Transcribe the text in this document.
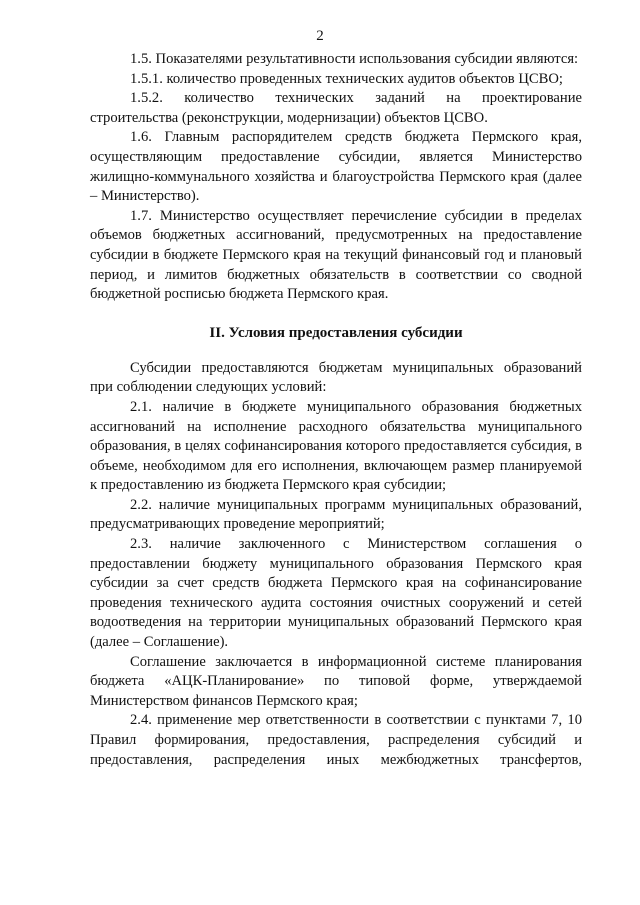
2

1.5. Показателями результативности использования субсидии являются:

1.5.1. количество проведенных технических аудитов объектов ЦСВО;

1.5.2. количество технических заданий на проектирование строительства (реконструкции, модернизации) объектов ЦСВО.

1.6. Главным распорядителем средств бюджета Пермского края, осуществляющим предоставление субсидии, является Министерство жилищно-коммунального хозяйства и благоустройства Пермского края (далее – Министерство).

1.7. Министерство осуществляет перечисление субсидии в пределах объемов бюджетных ассигнований, предусмотренных на предоставление субсидии в бюджете Пермского края на текущий финансовый год и плановый период, и лимитов бюджетных обязательств в соответствии со сводной бюджетной росписью бюджета Пермского края.

II. Условия предоставления субсидии

Субсидии предоставляются бюджетам муниципальных образований при соблюдении следующих условий:

2.1. наличие в бюджете муниципального образования бюджетных ассигнований на исполнение расходного обязательства муниципального образования, в целях софинансирования которого предоставляется субсидия, в объеме, необходимом для его исполнения, включающем размер планируемой к предоставлению из бюджета Пермского края субсидии;

2.2. наличие муниципальных программ муниципальных образований, предусматривающих проведение мероприятий;

2.3. наличие заключенного с Министерством соглашения о предоставлении бюджету муниципального образования Пермского края субсидии за счет средств бюджета Пермского края на софинансирование проведения технического аудита состояния очистных сооружений и сетей водоотведения на территории муниципальных образований Пермского края (далее – Соглашение).

Соглашение заключается в информационной системе планирования бюджета «АЦК-Планирование» по типовой форме, утверждаемой Министерством финансов Пермского края;

2.4. применение мер ответственности в соответствии с пунктами 7, 10 Правил формирования, предоставления, распределения субсидий и предоставления, распределения иных межбюджетных трансфертов,
